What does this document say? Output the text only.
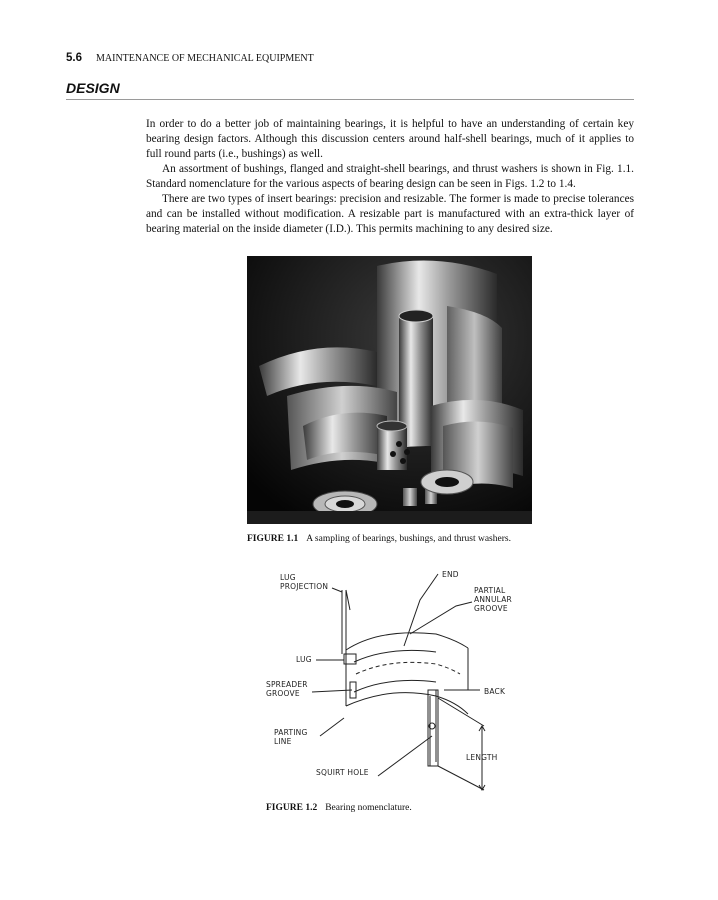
5.6 MAINTENANCE OF MECHANICAL EQUIPMENT
DESIGN

In order to do a better job of maintaining bearings, it is helpful to have an understanding of certain key bearing design factors. Although this discussion centers around half-shell bearings, much of it applies to full round parts (i.e., bushings) as well.

An assortment of bushings, flanged and straight-shell bearings, and thrust washers is shown in Fig. 1.1. Standard nomenclature for the various aspects of bearing design can be seen in Figs. 1.2 to 1.4.

There are two types of insert bearings: precision and resizable. The former is made to precise tolerances and can be installed without modification. A resizable part is manufactured with an extra-thick layer of bearing material on the inside diameter (I.D.). This permits machining to any desired size.

FIGURE 1.1 A sampling of bearings, bushings, and thrust washers.
LUG
PROJECTION
END
PARTIAL
ANNULAR
GROOVE
LUG
SPREADER
GROOVE	BACK
PARTING
LINE
LENGTH
SQUIRT HOLE
FIGURE 1.2 Bearing nomenclature.
